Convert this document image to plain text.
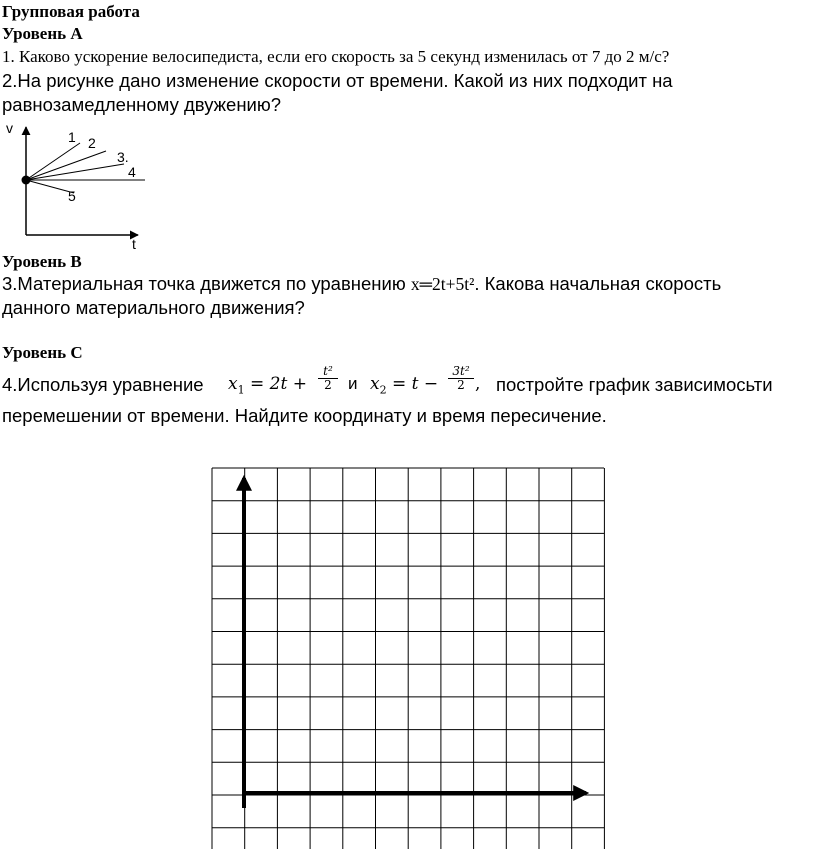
Групповая работа
Уровень А
1. Каково ускорение велосипедиста, если его скорость за 5 секунд изменилась от 7 до 2 м/с?
2.На рисунке дано изменение скорости от времени. Какой из них подходит на
равнозамедленному двужению?
v
t
1 2
3.
4
5
Уровень В
3.Материальная точка движется по уравнению x═2t+5t². Какова начальная скорость
данного материального движения?
Уровень С
4.Используя уравнение $x_1 = 2t + \frac{\text{t²}}{2}$ и $x_2 = t - \frac{\text{3t²}}{2}$ , постройте график зависимосьти
перемешении от времени. Найдите координату и время пересичение.
